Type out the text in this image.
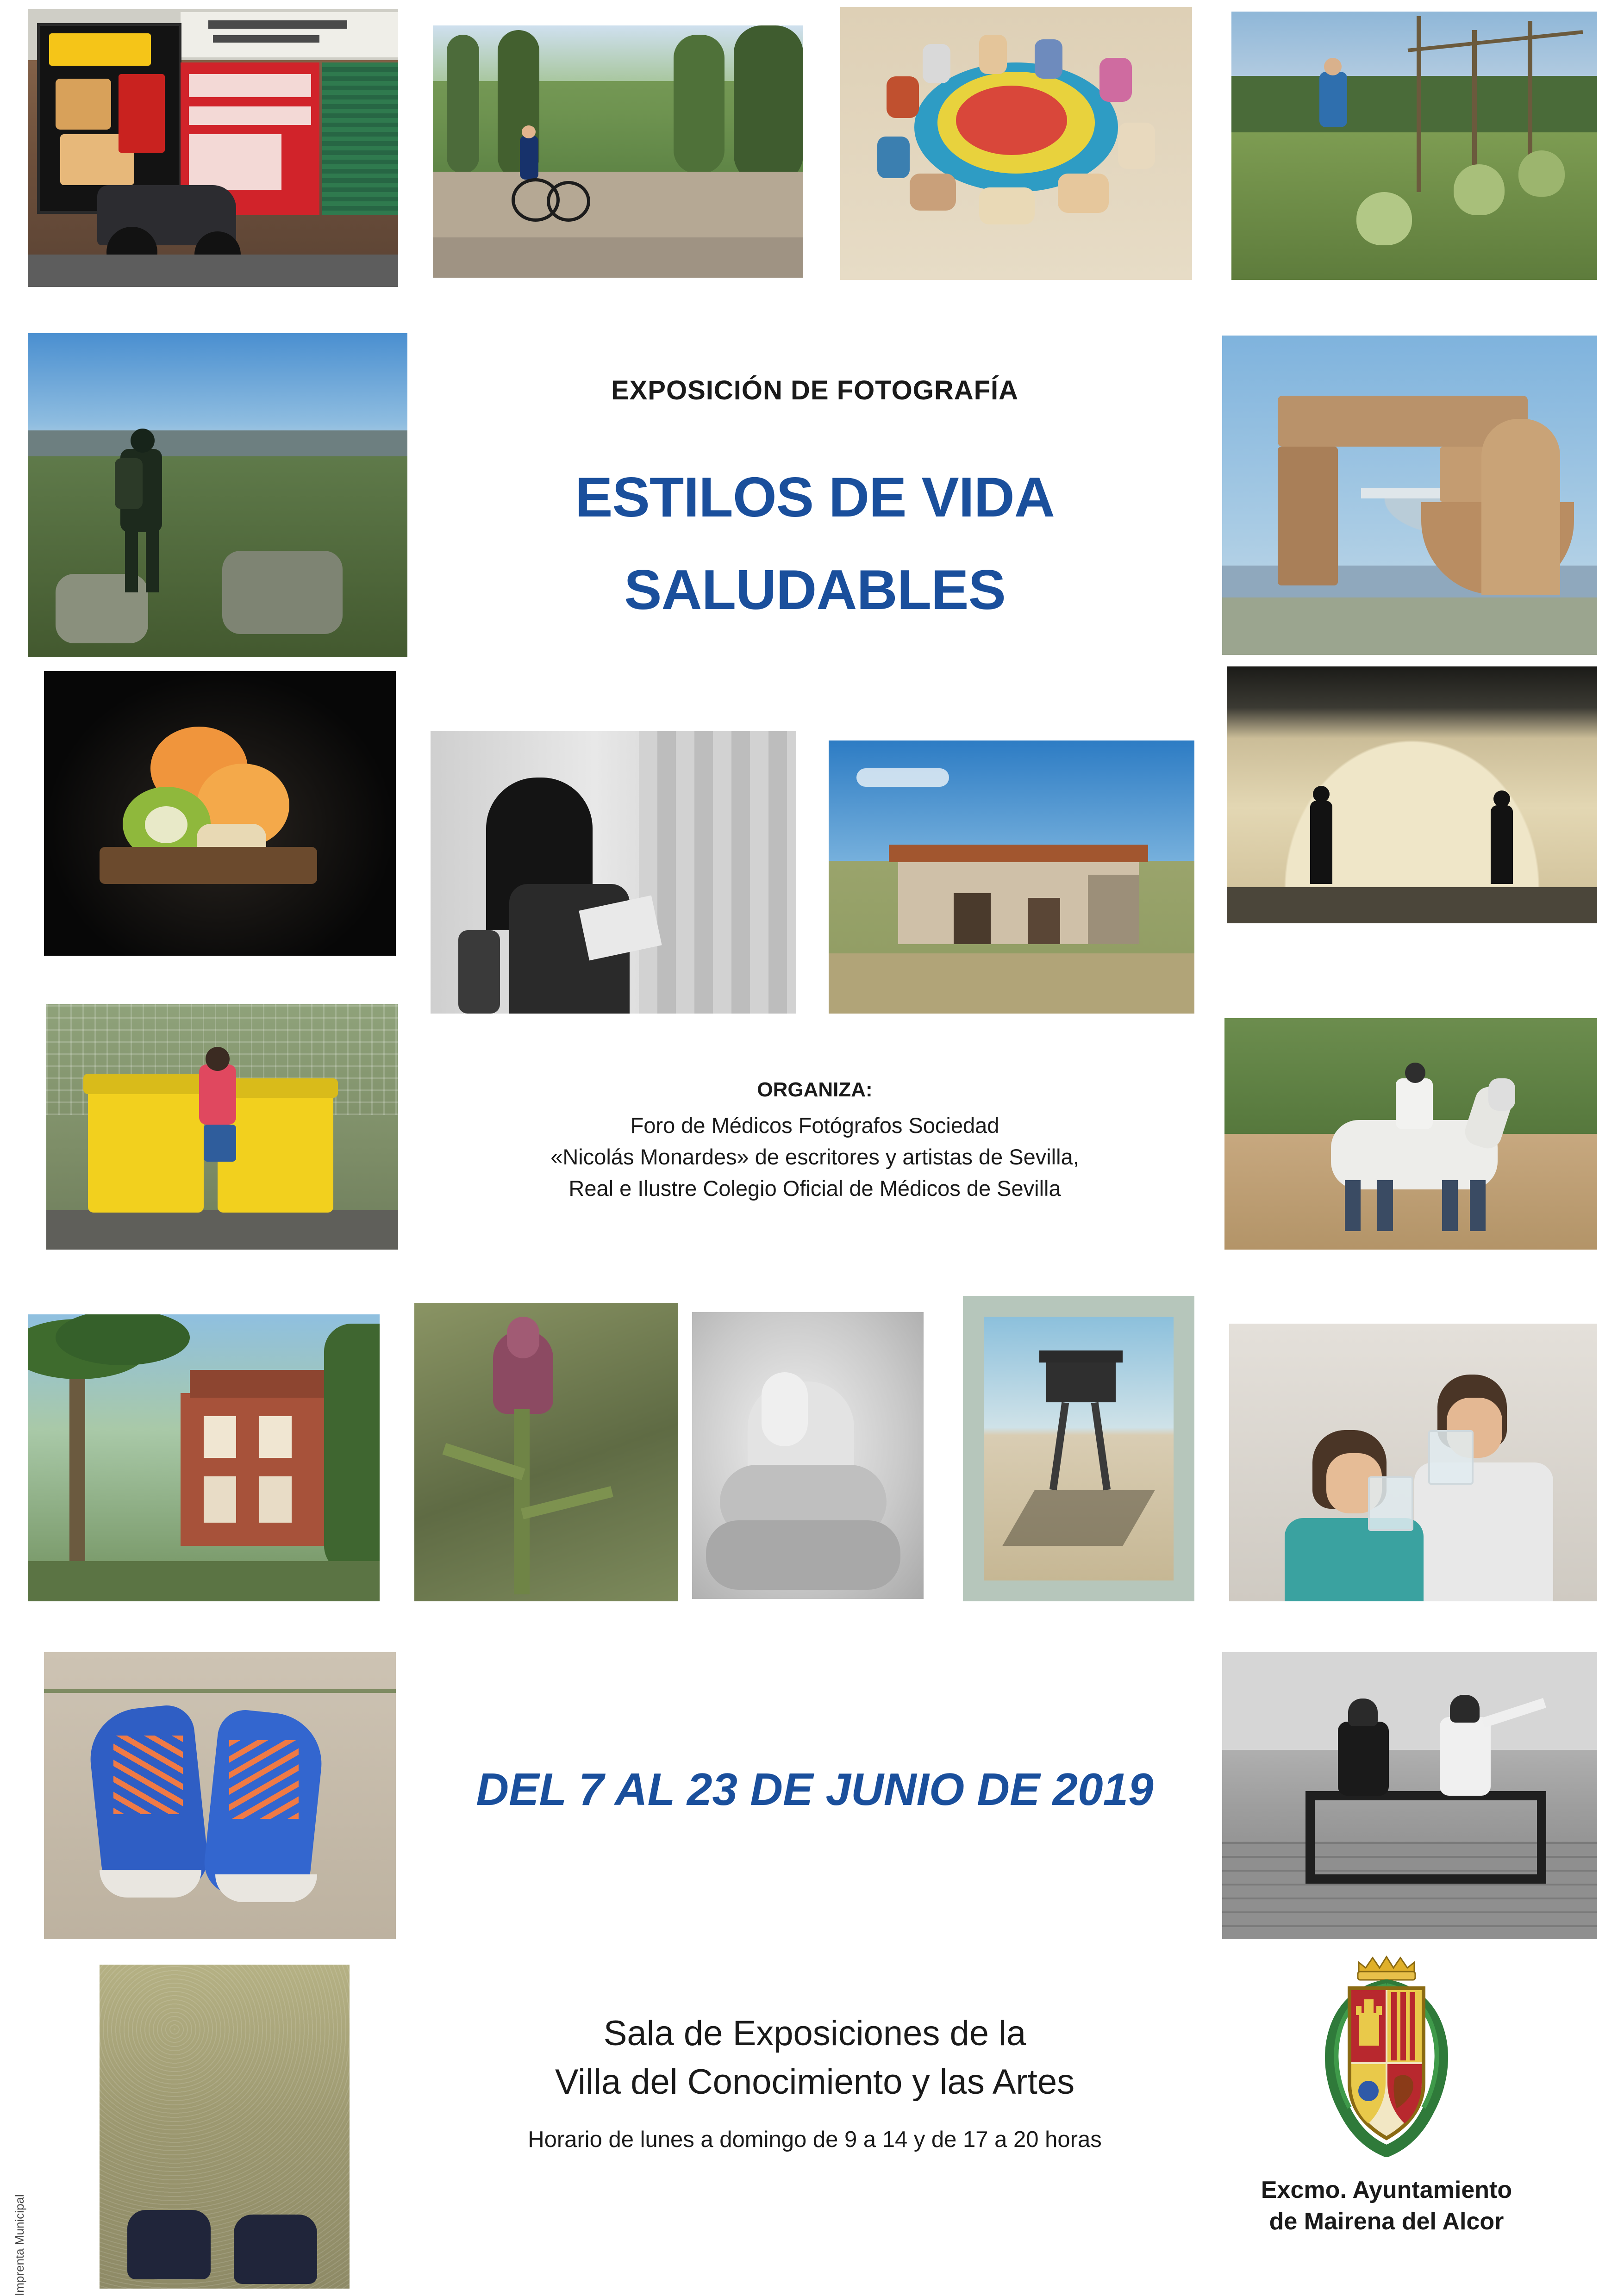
EXPOSICIÓN DE FOTOGRAFÍA
ESTILOS DE VIDA
SALUDABLES
ORGANIZA:
Foro de Médicos Fotógrafos Sociedad
«Nicolás Monardes» de escritores y artistas de Sevilla,
Real e Ilustre Colegio Oficial de Médicos de Sevilla
DEL 7 AL 23 DE JUNIO DE 2019
Sala de Exposiciones de la
Villa del Conocimiento y las Artes
Horario de lunes a domingo de 9 a 14 y de 17 a 20 horas
Excmo. Ayuntamiento
de Mairena del Alcor
Imprenta Municipal
